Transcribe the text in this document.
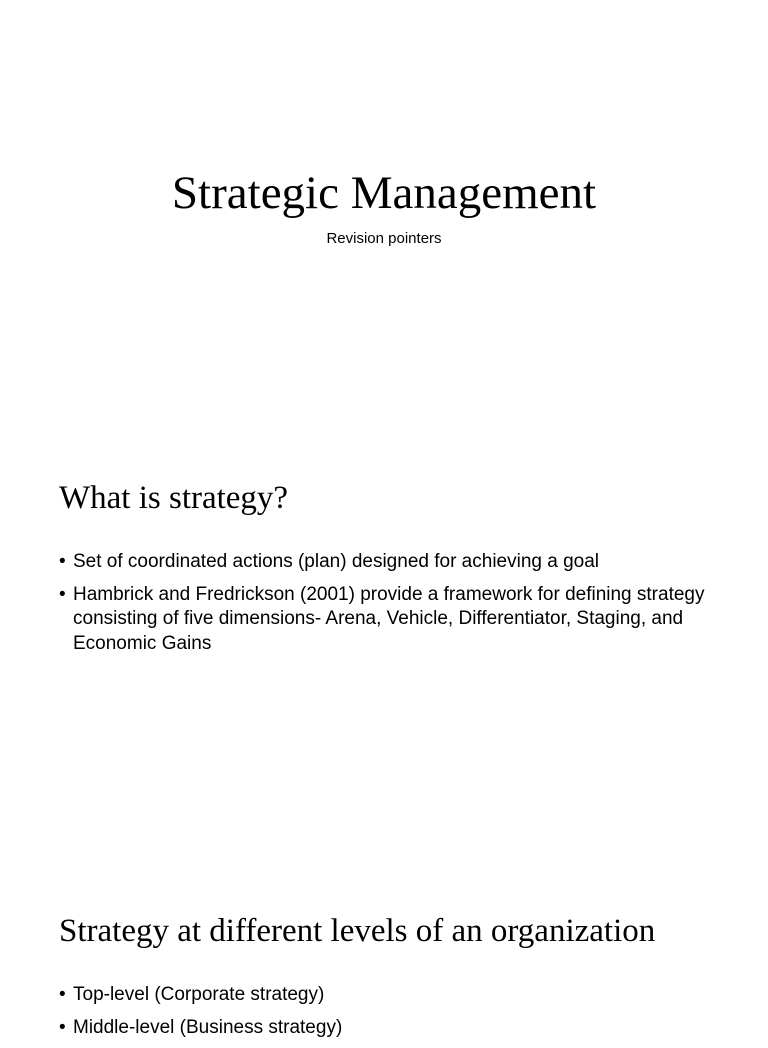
Strategic Management
Revision pointers
What is strategy?
• Set of coordinated actions (plan) designed for achieving a goal
• Hambrick and Fredrickson (2001) provide a framework for defining strategy consisting of five dimensions- Arena, Vehicle, Differentiator, Staging, and Economic Gains
Strategy at different levels of an organization
• Top-level (Corporate strategy)
• Middle-level (Business strategy)
